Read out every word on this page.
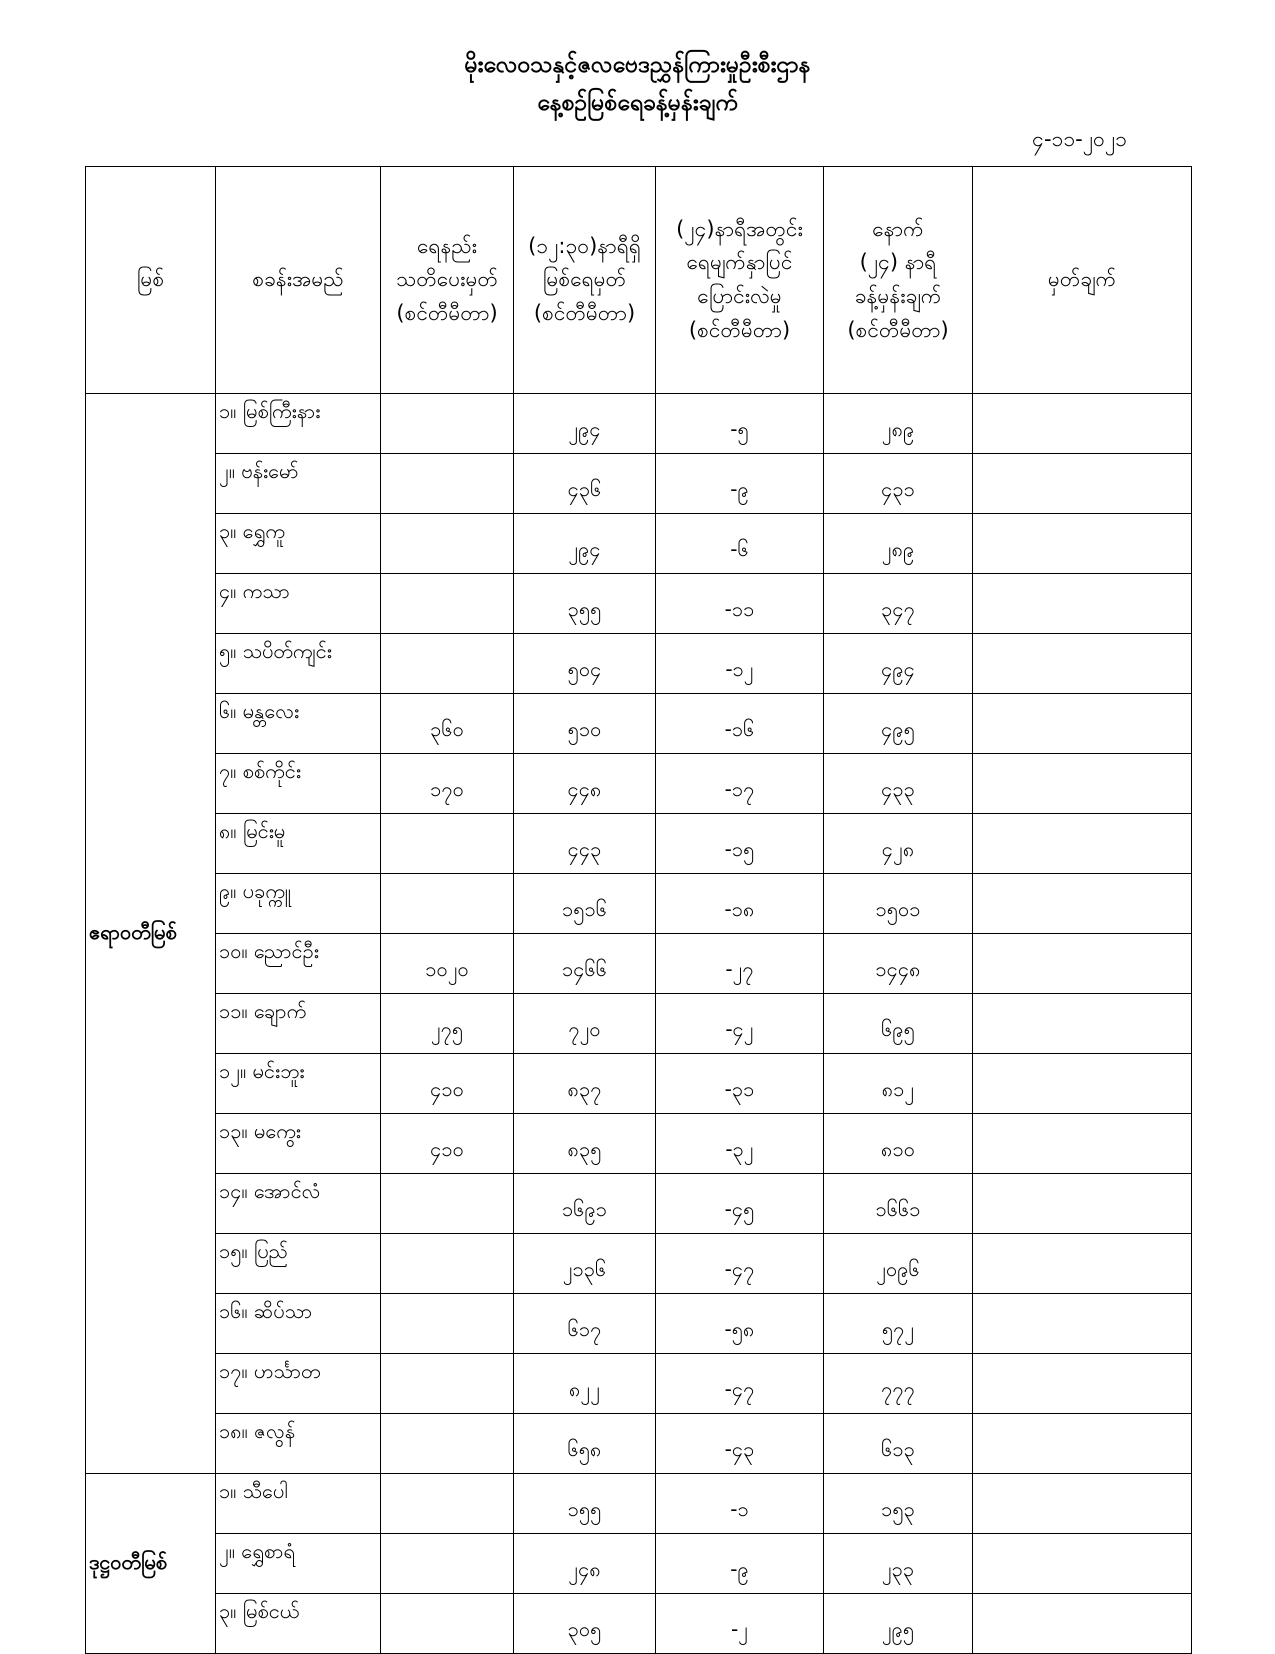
မိုးလေဝသနှင့်ဇလဗေဒညွှန်ကြားမှုဦးစီးဌာန
နေ့စဉ်မြစ်ရေခန့်မှန်းချက်
၄-၁၁-၂၀၂၁
မြစ်	စခန်းအမည်	ရေနည်း
သတိပေးမှတ်
(စင်တီမီတာ)	(၁၂:၃၀)နာရီရှိ
မြစ်ရေမှတ်
(စင်တီမီတာ)	(၂၄)နာရီအတွင်း
ရေမျက်နှာပြင်
ပြောင်းလဲမှု
(စင်တီမီတာ)	နောက်
(၂၄) နာရီ
ခန့်မှန်းချက်
(စင်တီမီတာ)	မှတ်ချက်

ဧရာဝတီမြစ်	၁။ မြစ်ကြီးနား		၂၉၄	-၅	၂၈၉	
	၂။ ဗန်းမော်		၄၃၆	-၉	၄၃၁	
	၃။ ရွှေကူ		၂၉၄	-၆	၂၈၉	
	၄။ ကသာ		၃၅၅	-၁၁	၃၄၇	
	၅။ သပိတ်ကျင်း		၅၀၄	-၁၂	၄၉၄	
	၆။ မန္တလေး	၃၆၀	၅၁၀	-၁၆	၄၉၅	
	၇။ စစ်ကိုင်း	၁၇၀	၄၄၈	-၁၇	၄၃၃	
	၈။ မြင်းမူ		၄၄၃	-၁၅	၄၂၈	
	၉။ ပခုက္ကူ		၁၅၁၆	-၁၈	၁၅၀၁	
	၁၀။ ညောင်ဦး	၁၀၂၀	၁၄၆၆	-၂၇	၁၄၄၈	
	၁၁။ ချောက်	၂၇၅	၇၂၀	-၄၂	၆၉၅	
	၁၂။ မင်းဘူး	၄၁၀	၈၃၇	-၃၁	၈၁၂	
	၁၃။ မကွေး	၄၁၀	၈၃၅	-၃၂	၈၁၀	
	၁၄။ အောင်လံ		၁၆၉၁	-၄၅	၁၆၆၁	
	၁၅။ ပြည်		၂၁၃၆	-၄၇	၂၀၉၆	
	၁၆။ ဆိပ်သာ		၆၁၇	-၅၈	၅၇၂	
	၁၇။ ဟင်္သာတ		၈၂၂	-၄၇	၇၇၇	
	၁၈။ ဇလွန်		၆၅၈	-၄၃	၆၁၃	
ဒုဋ္ဌဝတီမြစ်	၁။ သီပေါ		၁၅၅	-၁	၁၅၃	
	၂။ ရွှေစာရံ		၂၄၈	-၉	၂၃၃	
	၃။ မြစ်ငယ်		၃၀၅	-၂	၂၉၅	
